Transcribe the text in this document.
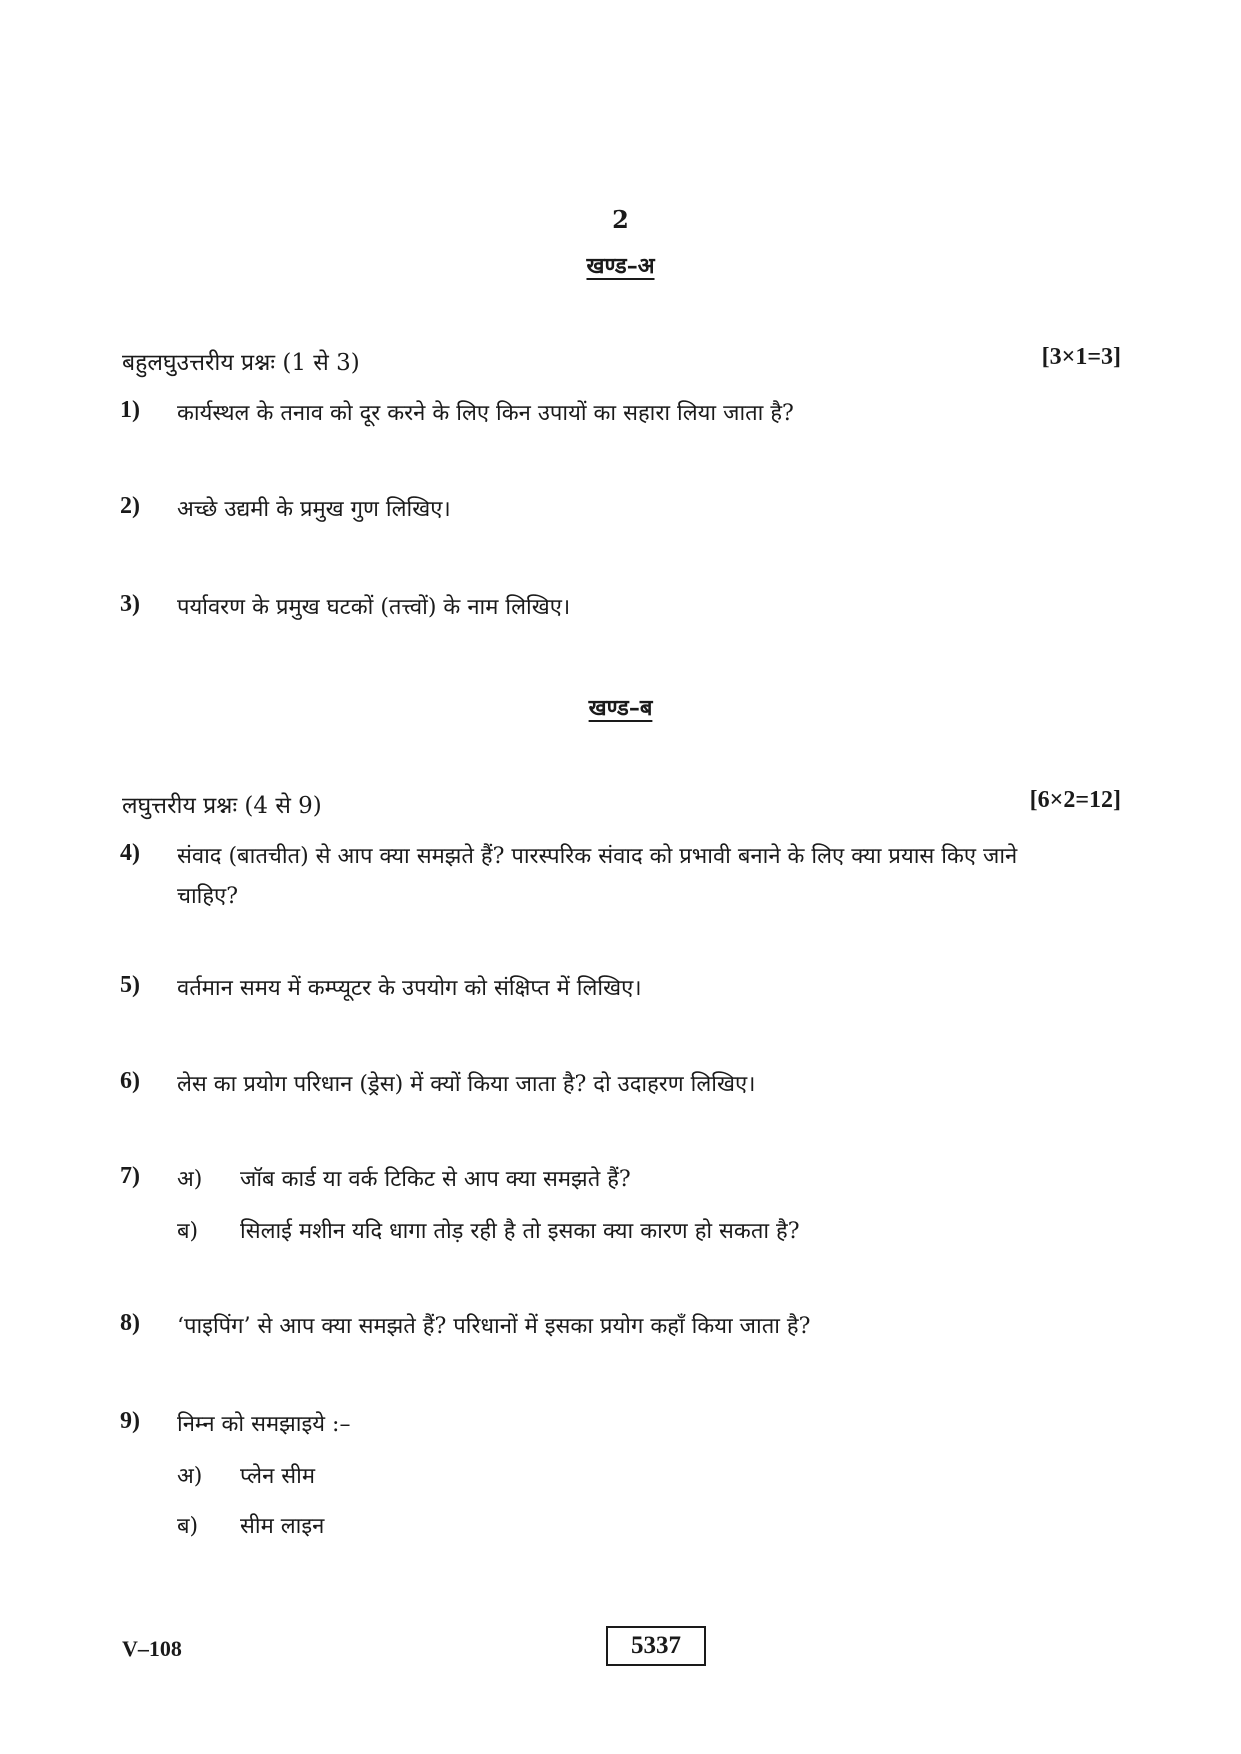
2
खण्ड–अ
बहुलघुउत्तरीय प्रश्नः (1 से 3)	[3×1=3]
1) कार्यस्थल के तनाव को दूर करने के लिए किन उपायों का सहारा लिया जाता है?
2) अच्छे उद्यमी के प्रमुख गुण लिखिए।
3) पर्यावरण के प्रमुख घटकों (तत्त्वों) के नाम लिखिए।
खण्ड–ब
लघुत्तरीय प्रश्नः (4 से 9)	[6×2=12]
4) संवाद (बातचीत) से आप क्या समझते हैं? पारस्परिक संवाद को प्रभावी बनाने के लिए क्या प्रयास किए जाने
चाहिए?
5) वर्तमान समय में कम्प्यूटर के उपयोग को संक्षिप्त में लिखिए।
6) लेस का प्रयोग परिधान (ड्रेस) में क्यों किया जाता है? दो उदाहरण लिखिए।
7) अ) जॉब कार्ड या वर्क टिकिट से आप क्या समझते हैं?
ब) सिलाई मशीन यदि धागा तोड़ रही है तो इसका क्या कारण हो सकता है?
8) ‘पाइपिंग’ से आप क्या समझते हैं? परिधानों में इसका प्रयोग कहाँ किया जाता है?
9) निम्न को समझाइये :–
अ) प्लेन सीम
ब) सीम लाइन
V–108	5337
